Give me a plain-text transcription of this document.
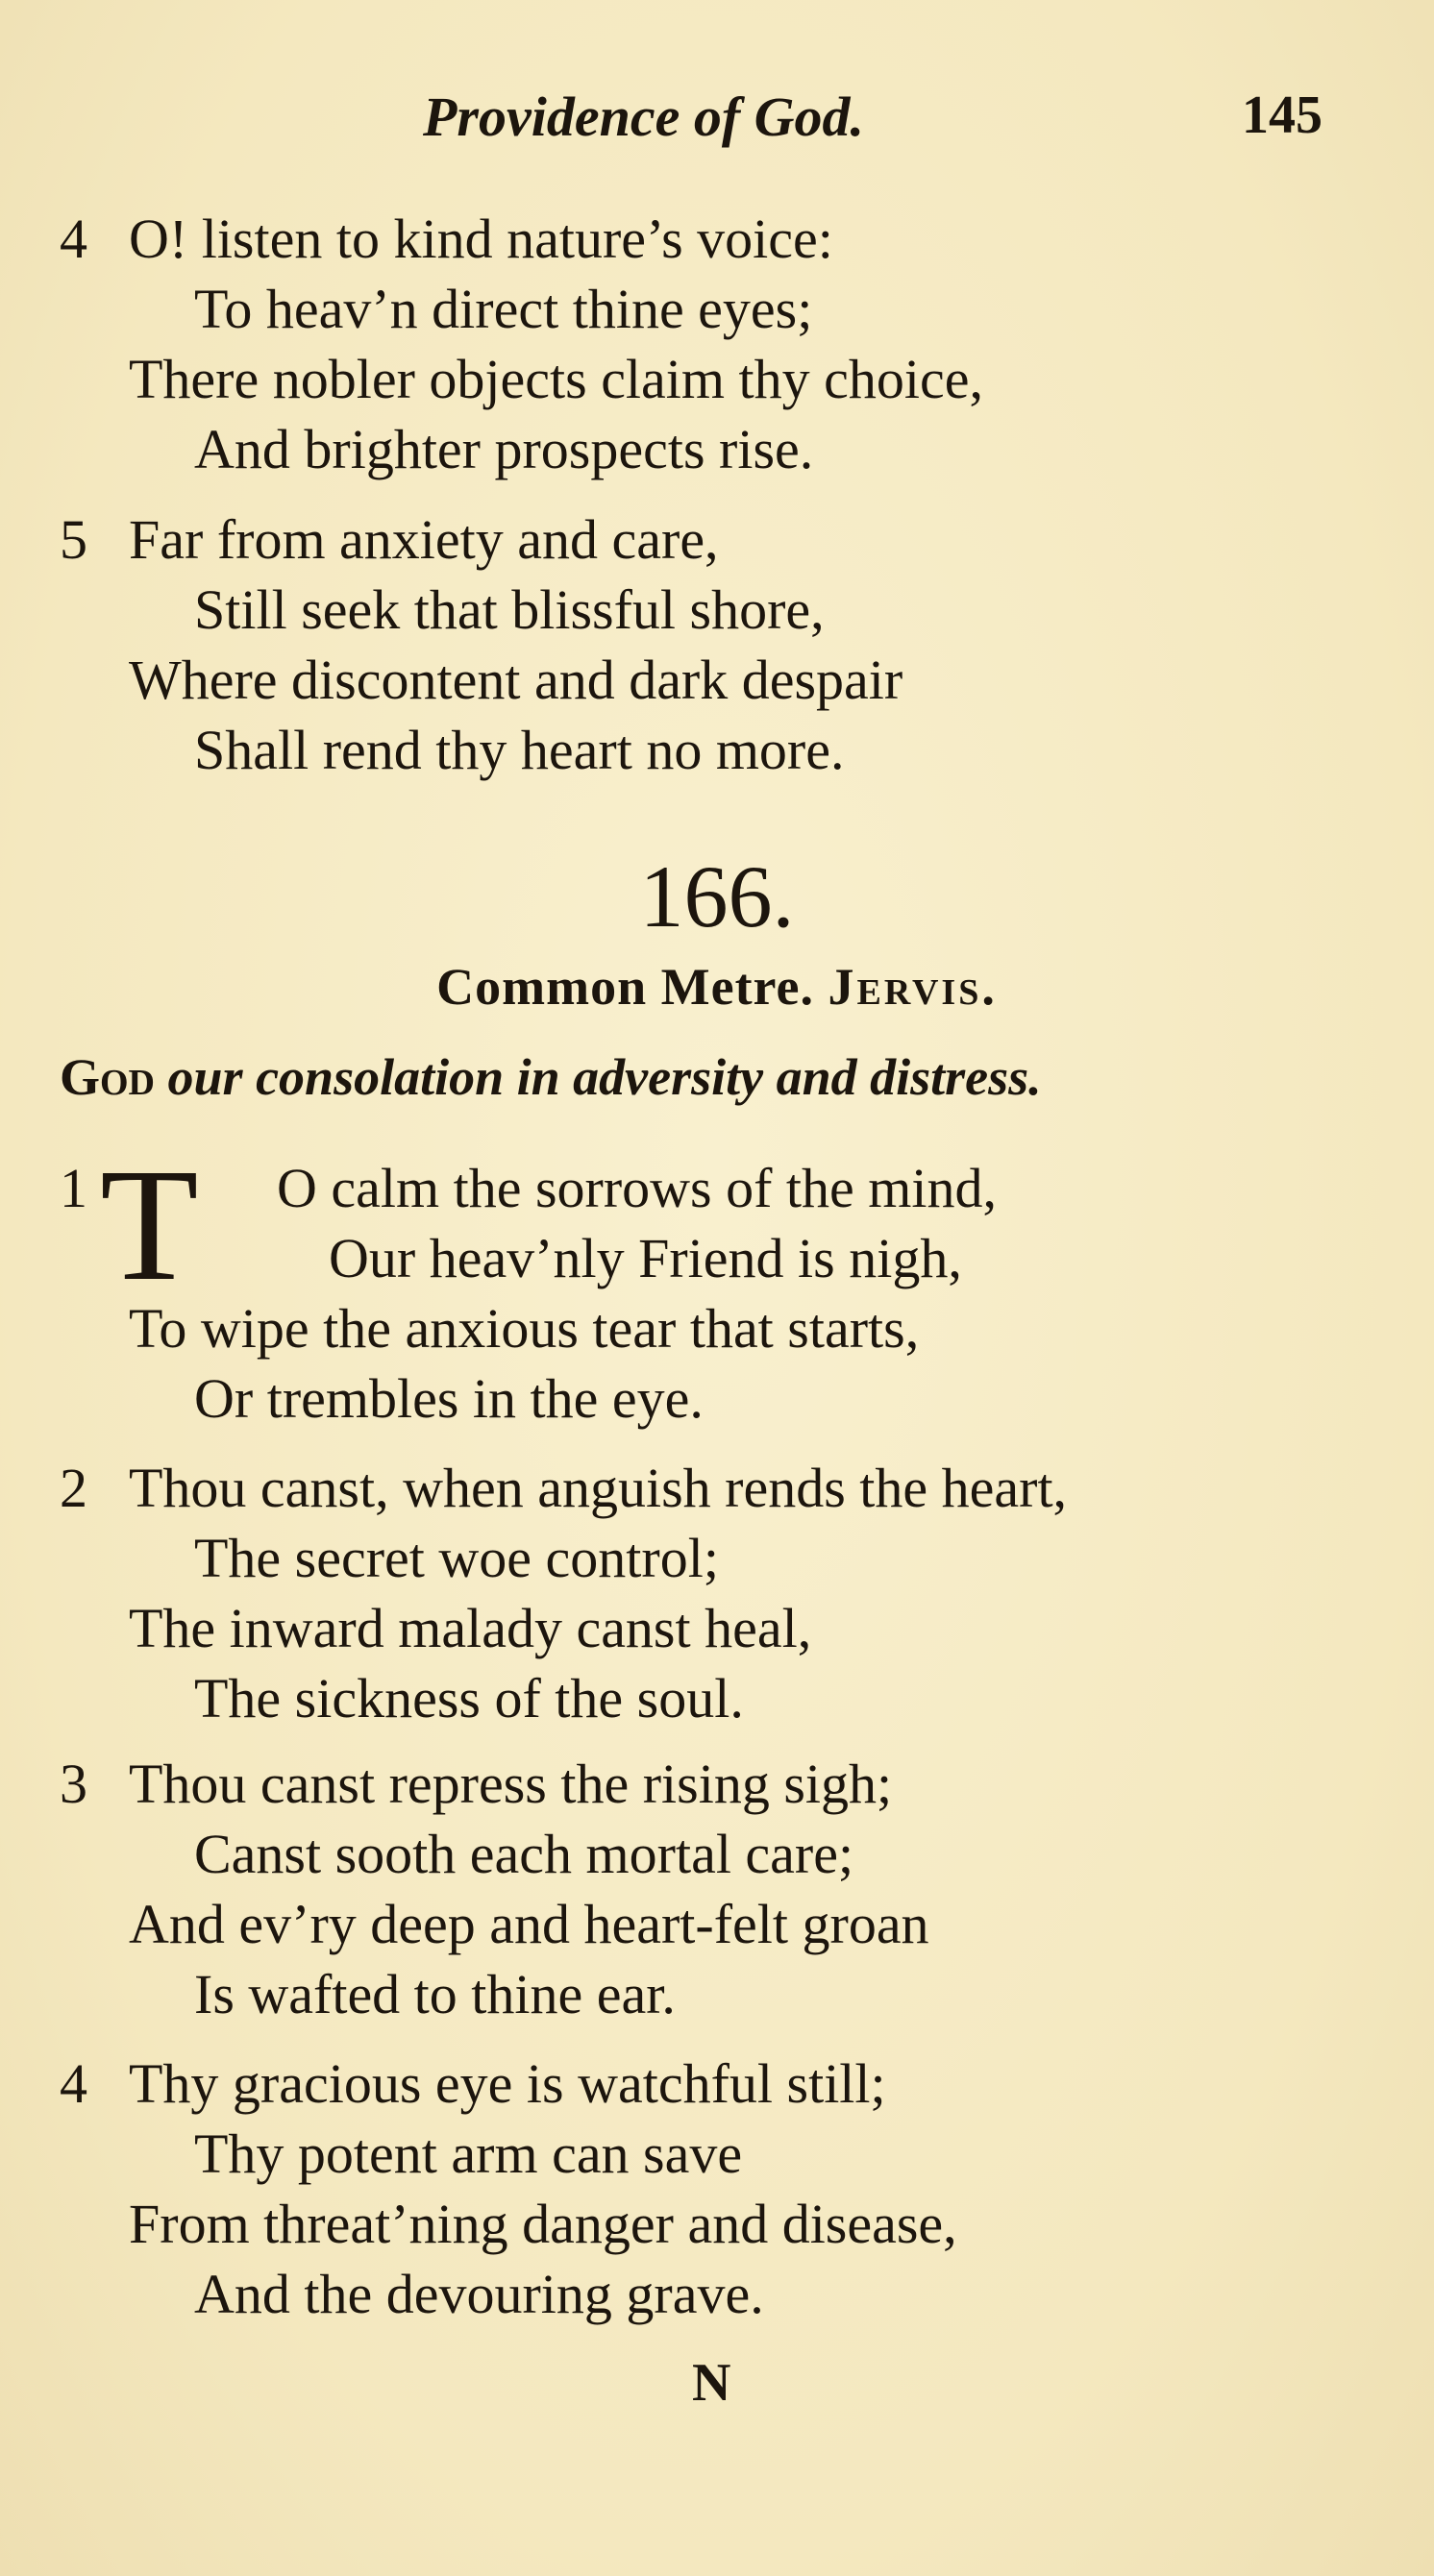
Providence of God.	145
4 O! listen to kind nature’s voice:
To heav’n direct thine eyes;
There nobler objects claim thy choice,
And brighter prospects rise.
5 Far from anxiety and care,
Still seek that blissful shore,
Where discontent and dark despair
Shall rend thy heart no more.
166.
Common Metre. Jervis.
God our consolation in adversity and distress.
T
1	O calm the sorrows of the mind,
Our heav’nly Friend is nigh,
To wipe the anxious tear that starts,
Or trembles in the eye.
2 Thou canst, when anguish rends the heart,
The secret woe control;
The inward malady canst heal,
The sickness of the soul.
3 Thou canst repress the rising sigh;
Canst sooth each mortal care;
And ev’ry deep and heart-felt groan
Is wafted to thine ear.
4 Thy gracious eye is watchful still;
Thy potent arm can save
From threat’ning danger and disease,
And the devouring grave.
N
